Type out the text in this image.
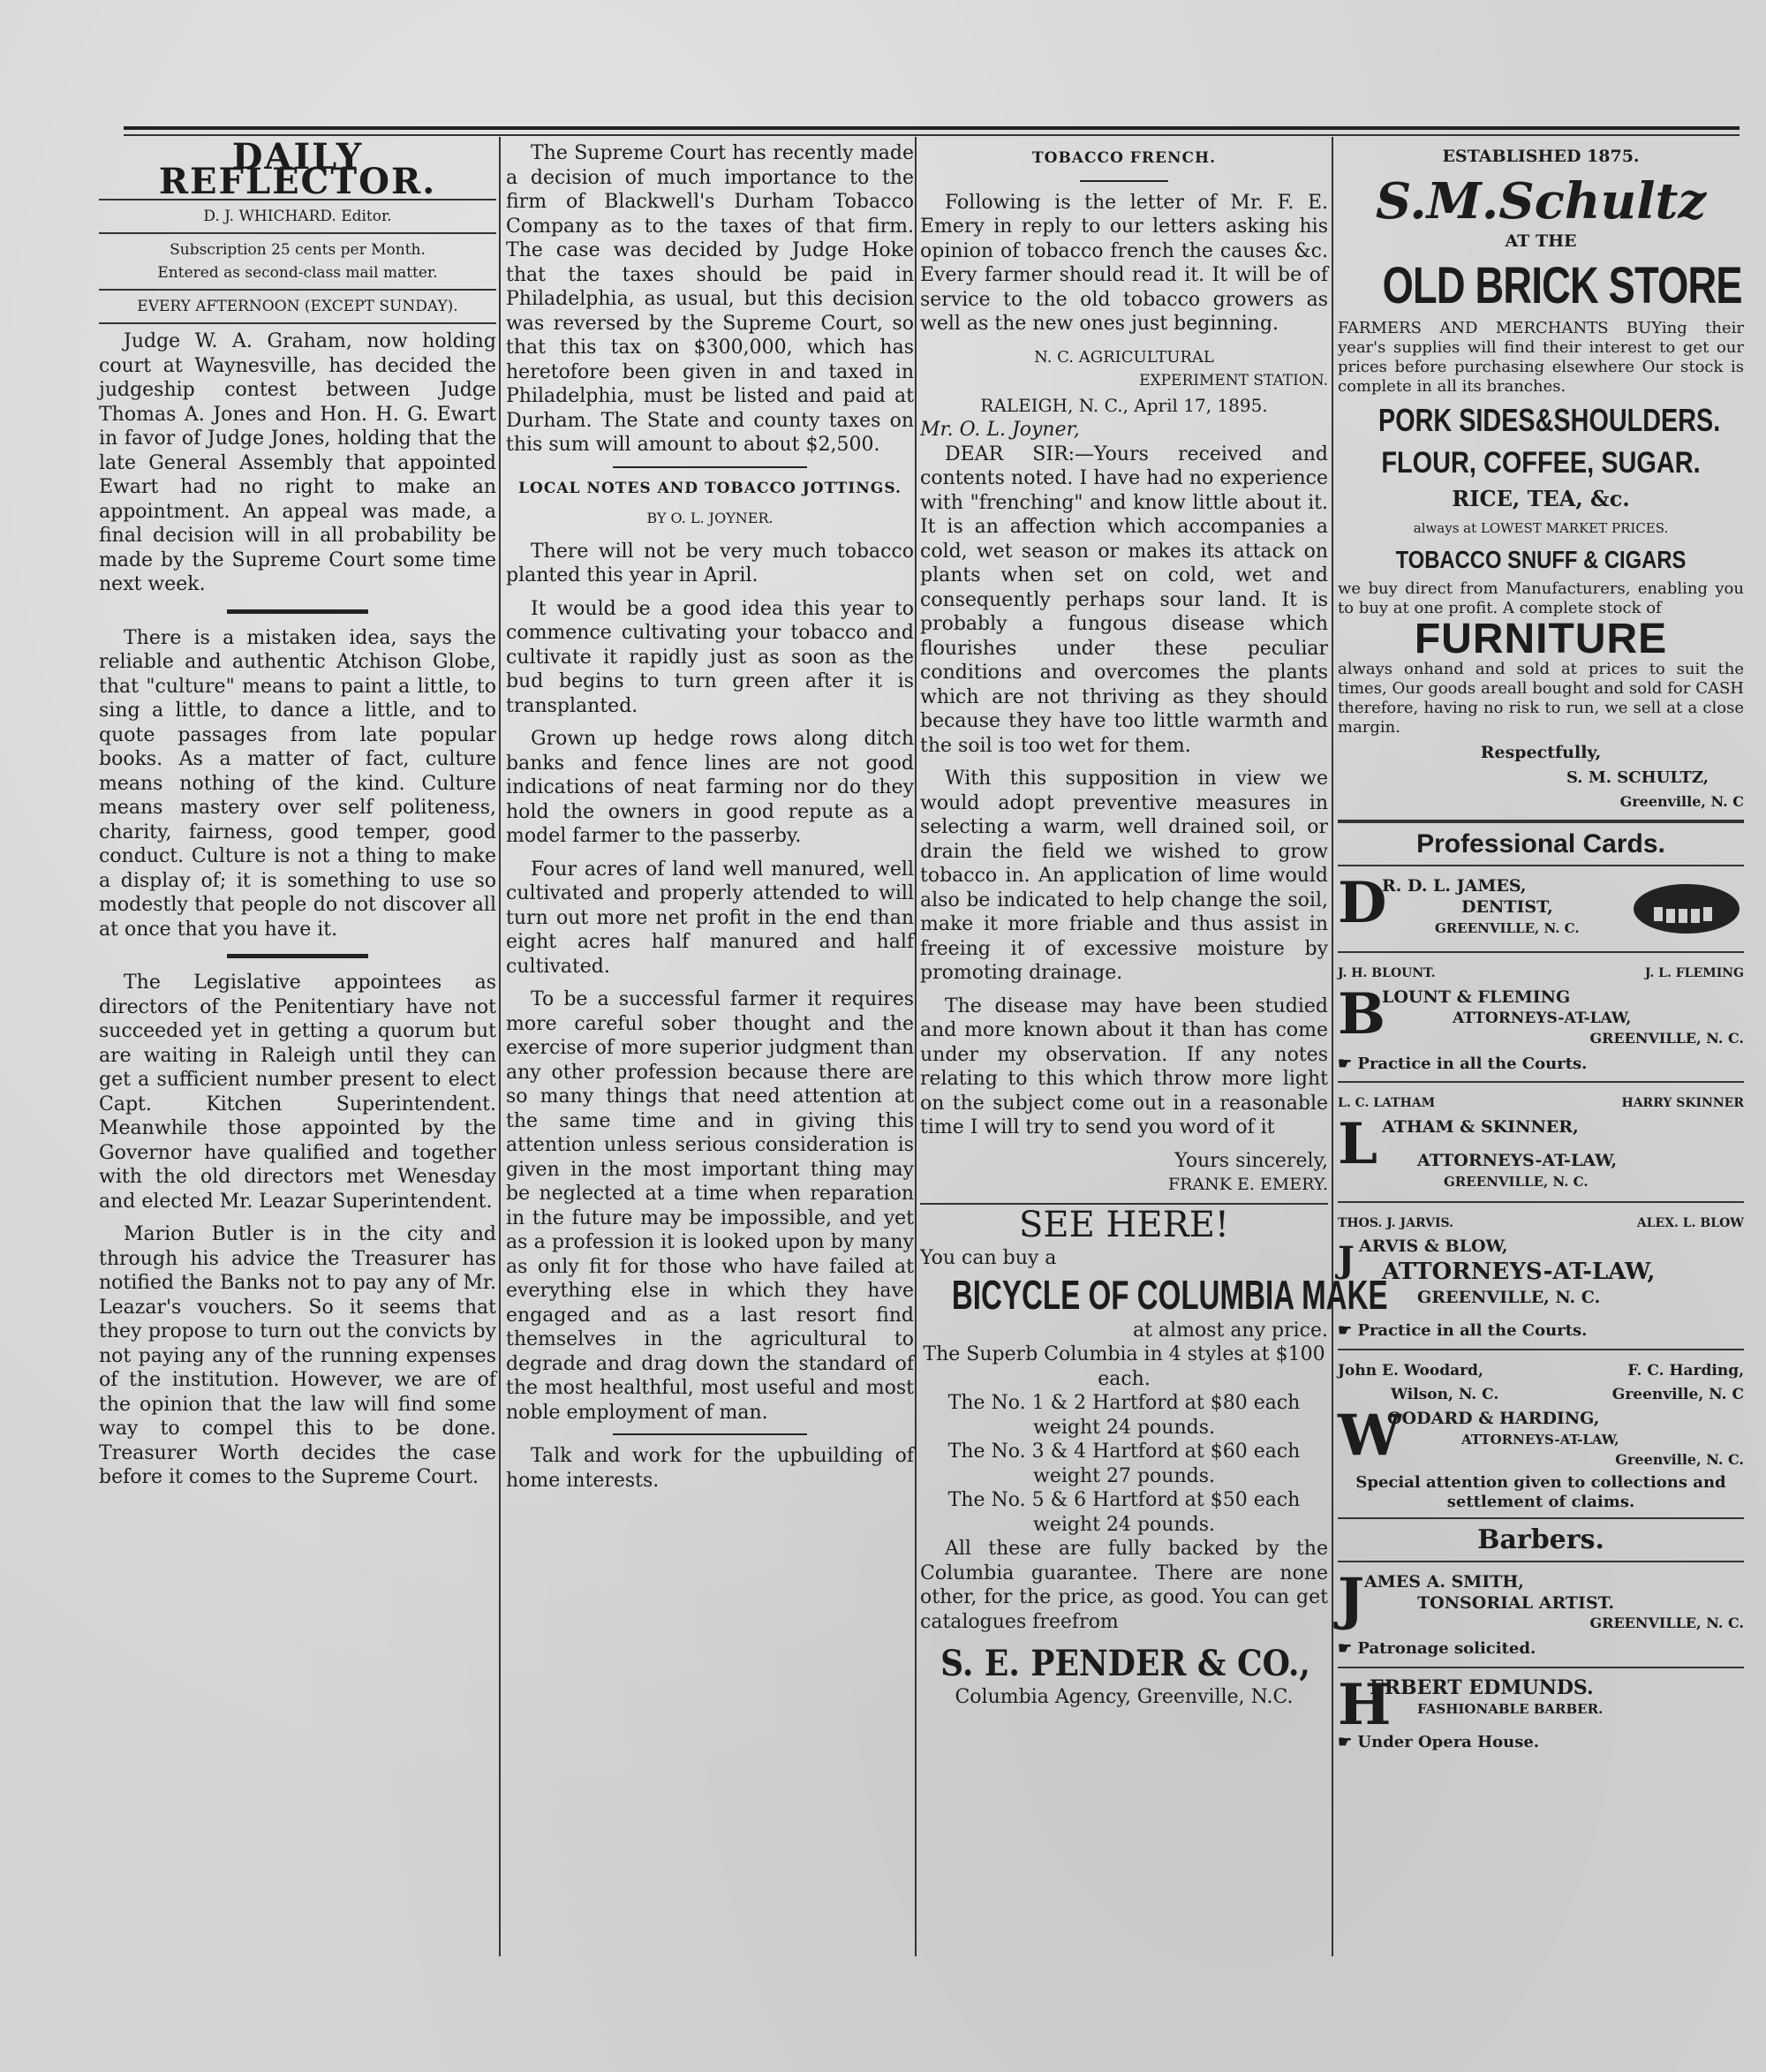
DAILY REFLECTOR.
D. J. WHICHARD. Editor.
Subscription 25 cents per Month.
Entered as second-class mail matter.
EVERY AFTERNOON (EXCEPT SUNDAY).

Judge W. A. Graham, now holding court at Waynesville, has decided the judgeship contest between Judge Thomas A. Jones and Hon. H. G. Ewart in favor of Judge Jones, holding that the late General Assembly that appointed Ewart had no right to make an appointment. An appeal was made, a final decision will in all probability be made by the Supreme Court some time next week.

There is a mistaken idea, says the reliable and authentic Atchison Globe, that "culture" means to paint a little, to sing a little, to dance a little, and to quote passages from late popular books. As a matter of fact, culture means nothing of the kind. Culture means mastery over self politeness, charity, fairness, good temper, good conduct. Culture is not a thing to make a display of; it is something to use so modestly that people do not discover all at once that you have it.

The Legislative appointees as directors of the Penitentiary have not succeeded yet in getting a quorum but are waiting in Raleigh until they can get a sufficient number present to elect Capt. Kitchen Superintendent. Meanwhile those appointed by the Governor have qualified and together with the old directors met Wenesday and elected Mr. Leazar Superintendent.

Marion Butler is in the city and through his advice the Treasurer has notified the Banks not to pay any of Mr. Leazar's vouchers. So it seems that they propose to turn out the convicts by not paying any of the running expenses of the institution. However, we are of the opinion that the law will find some way to compel this to be done. Treasurer Worth decides the case before it comes to the Supreme Court.

The Supreme Court has recently made a decision of much importance to the firm of Blackwell's Durham Tobacco Company as to the taxes of that firm. The case was decided by Judge Hoke that the taxes should be paid in Philadelphia, as usual, but this decision was reversed by the Supreme Court, so that this tax on $300,000, which has heretofore been given in and taxed in Philadelphia, must be listed and paid at Durham. The State and county taxes on this sum will amount to about $2,500.

LOCAL NOTES AND TOBACCO JOTTINGS.
BY O. L. JOYNER.

There will not be very much tobacco planted this year in April.

It would be a good idea this year to commence cultivating your tobacco and cultivate it rapidly just as soon as the bud begins to turn green after it is transplanted.

Grown up hedge rows along ditch banks and fence lines are not good indications of neat farming nor do they hold the owners in good repute as a model farmer to the passerby.

Four acres of land well manured, well cultivated and properly attended to will turn out more net profit in the end than eight acres half manured and half cultivated.

To be a successful farmer it requires more careful sober thought and the exercise of more superior judgment than any other profession because there are so many things that need attention at the same time and in giving this attention unless serious consideration is given in the most important thing may be neglected at a time when reparation in the future may be impossible, and yet as a profession it is looked upon by many as only fit for those who have failed at everything else in which they have engaged and as a last resort find themselves in the agricultural to degrade and drag down the standard of the most healthful, most useful and most noble employment of man.

Talk and work for the upbuilding of home interests.

TOBACCO FRENCH.

Following is the letter of Mr. F. E. Emery in reply to our letters asking his opinion of tobacco french the causes &c. Every farmer should read it. It will be of service to the old tobacco growers as well as the new ones just beginning.

N. C. AGRICULTURAL
EXPERIMENT STATION.
RALEIGH, N. C., April 17, 1895.
Mr. O. L. Joyner,

DEAR SIR:—Yours received and contents noted. I have had no experience with "frenching" and know little about it. It is an affection which accompanies a cold, wet season or makes its attack on plants when set on cold, wet and consequently perhaps sour land. It is probably a fungous disease which flourishes under these peculiar conditions and overcomes the plants which are not thriving as they should because they have too little warmth and the soil is too wet for them.

With this supposition in view we would adopt preventive measures in selecting a warm, well drained soil, or drain the field we wished to grow tobacco in. An application of lime would also be indicated to help change the soil, make it more friable and thus assist in freeing it of excessive moisture by promoting drainage.

The disease may have been studied and more known about it than has come under my observation. If any notes relating to this which throw more light on the subject come out in a reasonable time I will try to send you word of it

Yours sincerely,
FRANK E. EMERY.
SEE HERE!
You can buy a
BICYCLE OF COLUMBIA MAKE
at almost any price.
The Superb Columbia in 4 styles at $100 each.
The No. 1 & 2 Hartford at $80 each weight 24 pounds.
The No. 3 & 4 Hartford at $60 each weight 27 pounds.
The No. 5 & 6 Hartford at $50 each weight 24 pounds.

All these are fully backed by the Columbia guarantee. There are none other, for the price, as good. You can get catalogues freefrom

S. E. PENDER & CO.,
Columbia Agency, Greenville, N.C.
ESTABLISHED 1875.
S.M.Schultz
AT THE
OLD BRICK STORE
FARMERS AND MERCHANTS BUYing their year's supplies will find their interest to get our prices before purchasing elsewhere Our stock is complete in all its branches.
PORK SIDES&SHOULDERS.
FLOUR, COFFEE, SUGAR.
RICE, TEA, &c.
always at LOWEST MARKET PRICES.
TOBACCO SNUFF & CIGARS
we buy direct from Manufacturers, enabling you to buy at one profit. A complete stock of
FURNITURE
always onhand and sold at prices to suit the times, Our goods areall bought and sold for CASH therefore, having no risk to run, we sell at a close margin.
Respectfully,
S. M. SCHULTZ,
Greenville, N. C
Professional Cards.
D
R. D. L. JAMES,
DENTIST,
GREENVILLE, N. C.
J. H. BLOUNT.	J. L. FLEMING
B
LOUNT & FLEMING
ATTORNEYS-AT-LAW,
GREENVILLE, N. C.
☛ Practice in all the Courts.
L. C. LATHAM	HARRY SKINNER
L ATHAM & SKINNER,
ATTORNEYS-AT-LAW,
GREENVILLE, N. C.
THOS. J. JARVIS.	ALEX. L. BLOW
J ARVIS & BLOW,
ATTORNEYS-AT-LAW,
GREENVILLE, N. C.
☛ Practice in all the Courts.
John E. Woodard,	F. C. Harding,
Wilson, N. C.	Greenville, N. C
W
OODARD & HARDING,
ATTORNEYS-AT-LAW,
Greenville, N. C.
Special attention given to collections and settlement of claims.
Barbers.
J AMES A. SMITH,
TONSORIAL ARTIST.
GREENVILLE, N. C.
☛ Patronage solicited.
H
ERBERT EDMUNDS.
FASHIONABLE BARBER.
☛ Under Opera House.
